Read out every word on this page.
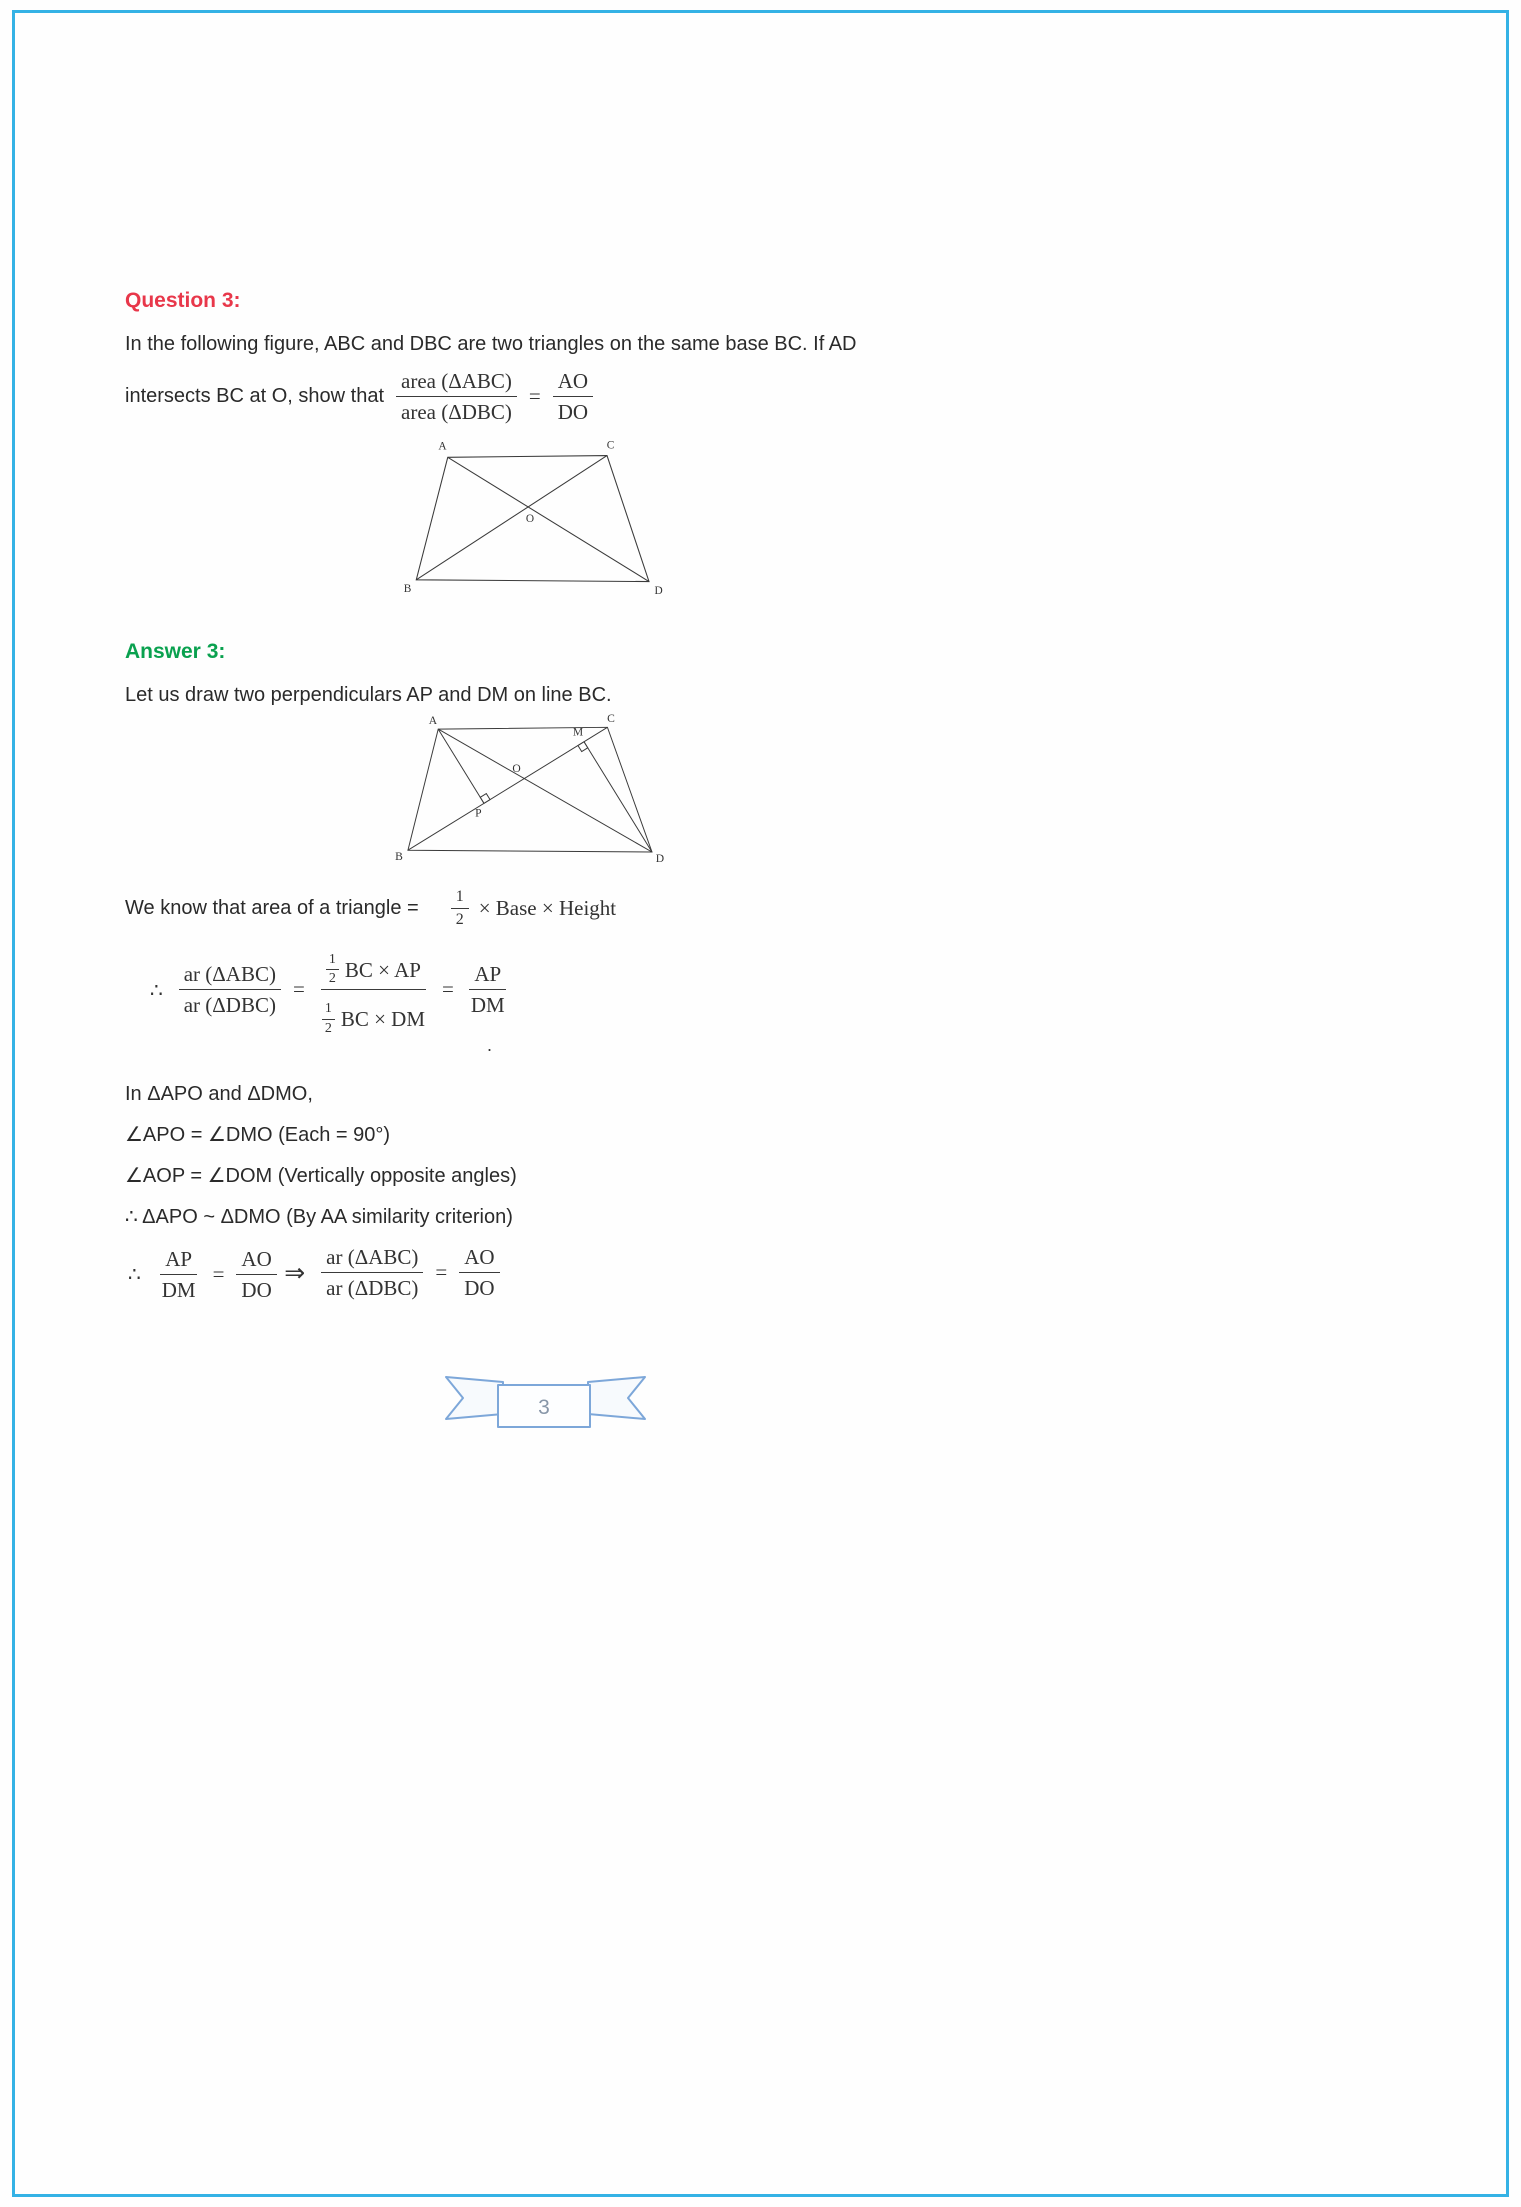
Question 3:

In the following figure, ABC and DBC are two triangles on the same base BC. If AD

intersects BC at O, show that $\frac{\text{area (ΔABC)}}{\text{area (ΔDBC)}} = \frac{AO}{DO}$
A	C
B	D
O
Answer 3:

Let us draw two perpendiculars AP and DM on line BC.

A	C
B	D
O
P
M
We know that area of a triangle = $\frac{1}{2}$ × Base × Height
∴ $\frac{\text{ar (ΔABC)}}{\text{ar (ΔDBC)}} = \frac{\frac{1}{2} BC \times AP}{\frac{1}{2} BC \times DM} = \frac{AP}{DM}$
.

In ΔAPO and ΔDMO,

∠APO = ∠DMO (Each = 90°)

∠AOP = ∠DOM (Vertically opposite angles)

∴ ΔAPO ~ ΔDMO (By AA similarity criterion)

∴ $\frac{AP}{DM} = \frac{AO}{DO}$
⇒ $\frac{\text{ar (ΔABC)}}{\text{ar (ΔDBC)}} = \frac{AO}{DO}$
3
